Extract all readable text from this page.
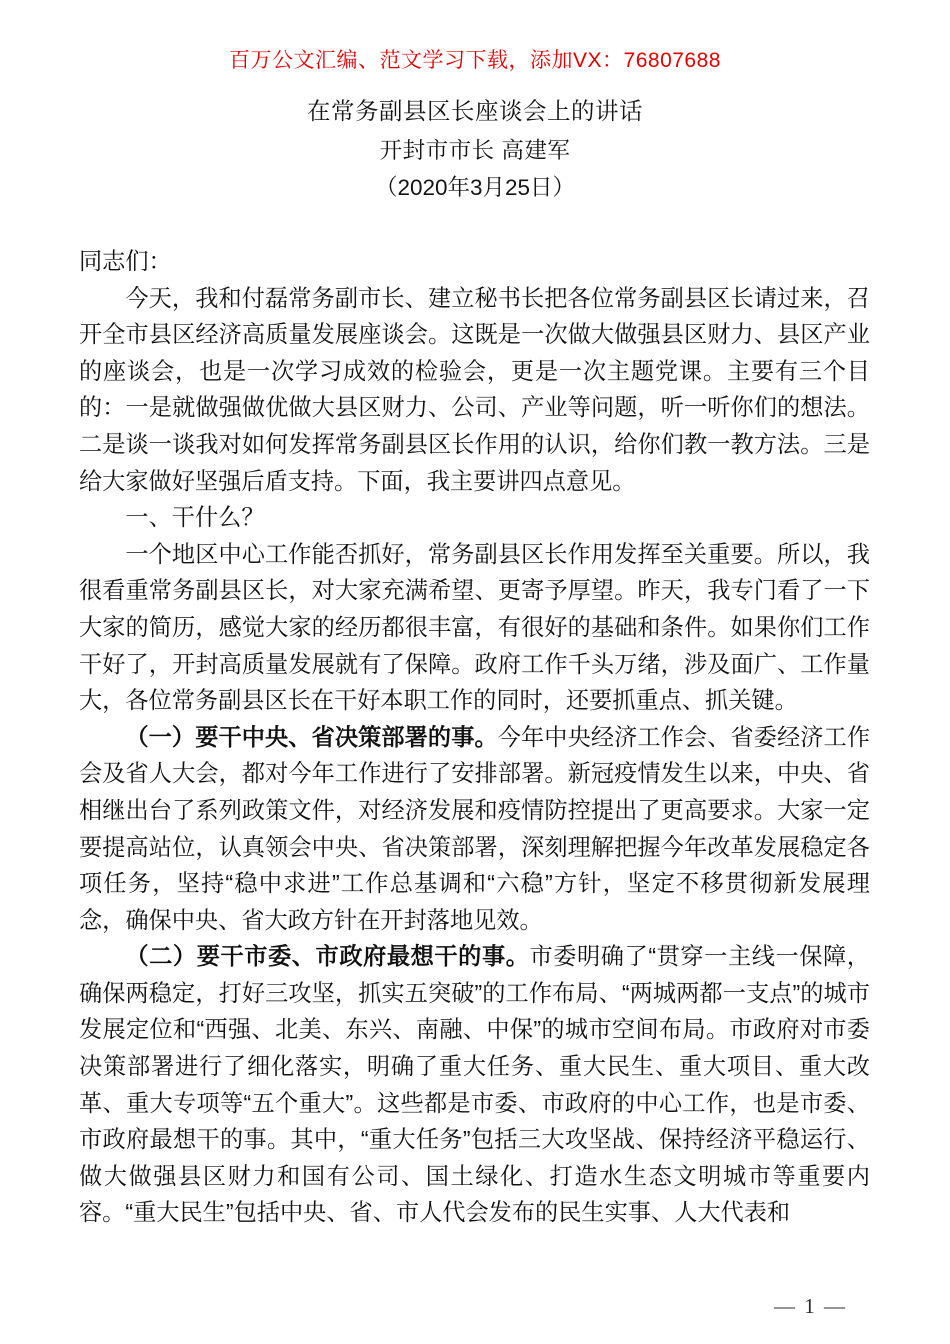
百万公文汇编、范文学习下载，添加VX：76807688
在常务副县区长座谈会上的讲话
开封市市长 高建军
（2020年3月25日）

同志们：

今天，我和付磊常务副市长、建立秘书长把各位常务副县区长请过来，召开全市县区经济高质量发展座谈会。这既是一次做大做强县区财力、县区产业的座谈会，也是一次学习成效的检验会，更是一次主题党课。主要有三个目的：一是就做强做优做大县区财力、公司、产业等问题，听一听你们的想法。二是谈一谈我对如何发挥常务副县区长作用的认识，给你们教一教方法。三是给大家做好坚强后盾支持。下面，我主要讲四点意见。

一、干什么？

一个地区中心工作能否抓好，常务副县区长作用发挥至关重要。所以，我很看重常务副县区长，对大家充满希望、更寄予厚望。昨天，我专门看了一下大家的简历，感觉大家的经历都很丰富，有很好的基础和条件。如果你们工作干好了，开封高质量发展就有了保障。政府工作千头万绪，涉及面广、工作量大，各位常务副县区长在干好本职工作的同时，还要抓重点、抓关键。

（一）要干中央、省决策部署的事。今年中央经济工作会、省委经济工作会及省人大会，都对今年工作进行了安排部署。新冠疫情发生以来，中央、省相继出台了系列政策文件，对经济发展和疫情防控提出了更高要求。大家一定要提高站位，认真领会中央、省决策部署，深刻理解把握今年改革发展稳定各项任务，坚持“稳中求进”工作总基调和“六稳”方针，坚定不移贯彻新发展理念，确保中央、省大政方针在开封落地见效。

（二）要干市委、市政府最想干的事。市委明确了“贯穿一主线一保障，确保两稳定，打好三攻坚，抓实五突破”的工作布局、“两城两都一支点”的城市发展定位和“西强、北美、东兴、南融、中保”的城市空间布局。市政府对市委决策部署进行了细化落实，明确了重大任务、重大民生、重大项目、重大改革、重大专项等“五个重大”。这些都是市委、市政府的中心工作，也是市委、市政府最想干的事。其中，“重大任务”包括三大攻坚战、保持经济平稳运行、做大做强县区财力和国有公司、国土绿化、打造水生态文明城市等重要内容。“重大民生”包括中央、省、市人代会发布的民生实事、人大代表和

— 1 —
